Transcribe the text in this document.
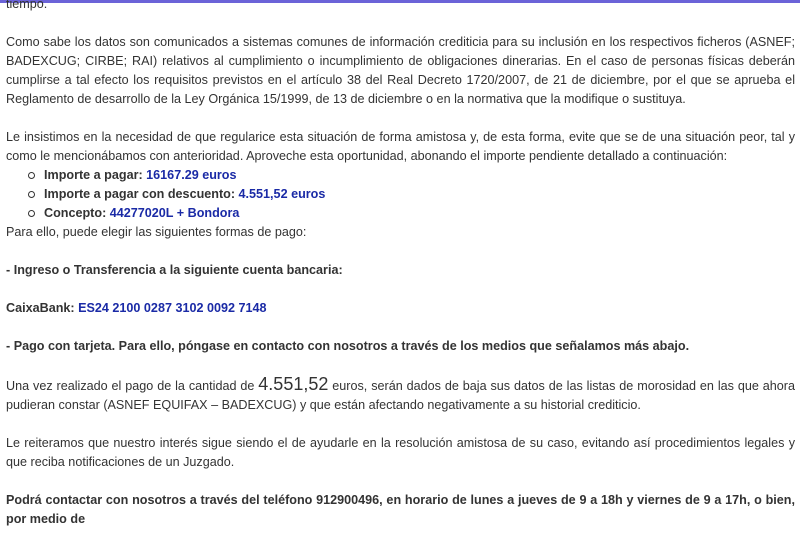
tiempo.

Como sabe los datos son comunicados a sistemas comunes de información crediticia para su inclusión en los respectivos ficheros (ASNEF; BADEXCUG; CIRBE; RAI) relativos al cumplimiento o incumplimiento de obligaciones dinerarias. En el caso de personas físicas deberán cumplirse a tal efecto los requisitos previstos en el artículo 38 del Real Decreto 1720/2007, de 21 de diciembre, por el que se aprueba el Reglamento de desarrollo de la Ley Orgánica 15/1999, de 13 de diciembre o en la normativa que la modifique o sustituya.

Le insistimos en la necesidad de que regularice esta situación de forma amistosa y, de esta forma, evite que se de una situación peor, tal y como le mencionábamos con anterioridad. Aproveche esta oportunidad, abonando el importe pendiente detallado a continuación:

Importe a pagar: 16167.29 euros
Importe a pagar con descuento: 4.551,52 euros
Concepto: 44277020L + Bondora

Para ello, puede elegir las siguientes formas de pago:

- Ingreso o Transferencia a la siguiente cuenta bancaria:

CaixaBank: ES24 2100 0287 3102 0092 7148

- Pago con tarjeta. Para ello, póngase en contacto con nosotros a través de los medios que señalamos más abajo.

Una vez realizado el pago de la cantidad de 4.551,52 euros, serán dados de baja sus datos de las listas de morosidad en las que ahora pudieran constar (ASNEF EQUIFAX – BADEXCUG) y que están afectando negativamente a su historial crediticio.

Le reiteramos que nuestro interés sigue siendo el de ayudarle en la resolución amistosa de su caso, evitando así procedimientos legales y que reciba notificaciones de un Juzgado.

Podrá contactar con nosotros a través del teléfono 912900496, en horario de lunes a jueves de 9 a 18h y viernes de 9 a 17h, o bien, por medio de
